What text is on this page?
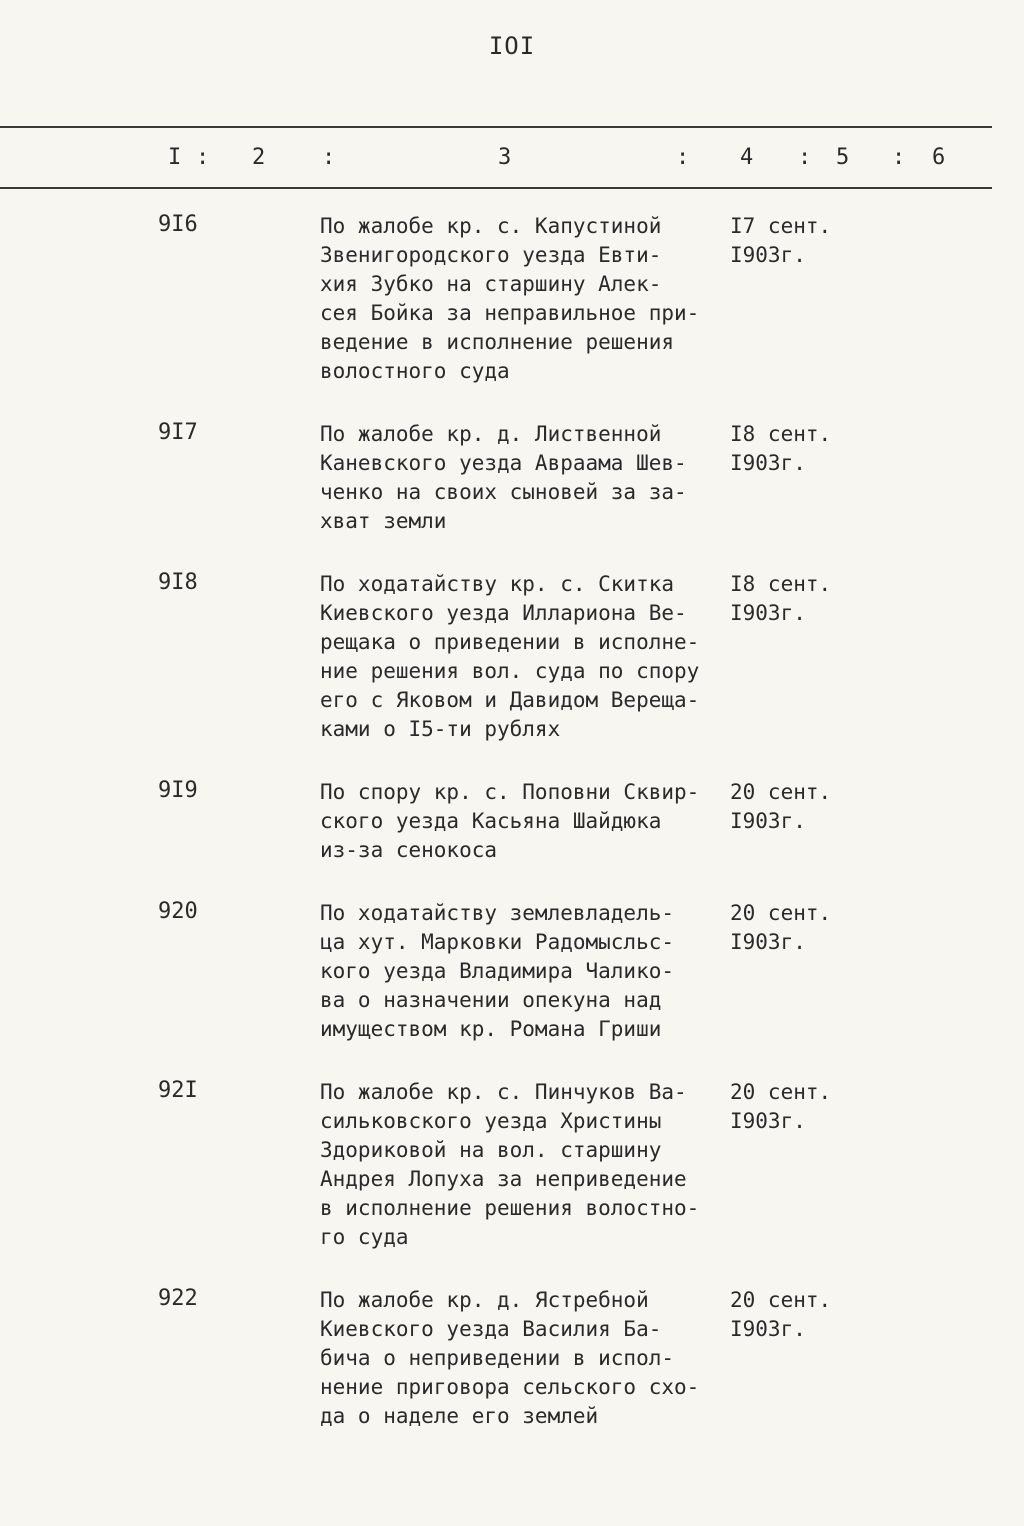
IOI
I : 2	:	3	: 4 : 5 : 6
9I6	По жалобе кр. с. Капустиной
Звенигородского уезда Евти-
хия Зубко на старшину Алек-
сея Бойка за неправильное при-
ведение в исполнение решения
волостного суда
I7 сент.
I903г.
9I7	По жалобе кр. д. Лиственной
Каневского уезда Авраама Шев-
ченко на своих сыновей за за-
хват земли
I8 сент.
I903г.
9I8	По ходатайству кр. с. Скитка
Киевского уезда Иллариона Ве-
рещака о приведении в исполне-
ние решения вол. суда по спору
его с Яковом и Давидом Вереща-
ками о I5-ти рублях
I8 сент.
I903г.
9I9	По спору кр. с. Поповни Сквир-
ского уезда Касьяна Шайдюка
из-за сенокоса
20 сент.
I903г.
920	По ходатайству землевладель-
ца хут. Марковки Радомысльс-
кого уезда Владимира Чалико-
ва о назначении опекуна над
имуществом кр. Романа Гриши
20 сент.
I903г.
92I	По жалобе кр. с. Пинчуков Ва-
сильковского уезда Христины
Здориковой на вол. старшину
Андрея Лопуха за неприведение
в исполнение решения волостно-
го суда
20 сент.
I903г.
922	По жалобе кр. д. Ястребной
Киевского уезда Василия Ба-
бича о неприведении в испол-
нение приговора сельского схо-
да о наделе его землей
20 сент.
I903г.
